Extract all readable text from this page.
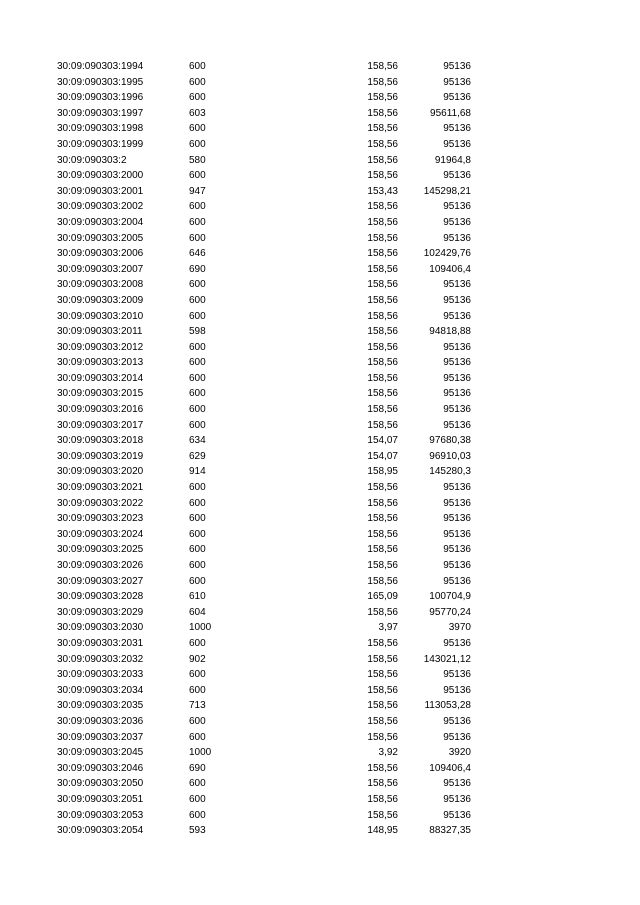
30:09:090303:1994	600	158,56	95136
30:09:090303:1995	600	158,56	95136
30:09:090303:1996	600	158,56	95136
30:09:090303:1997	603	158,56	95611,68
30:09:090303:1998	600	158,56	95136
30:09:090303:1999	600	158,56	95136
30:09:090303:2	580	158,56	91964,8
30:09:090303:2000	600	158,56	95136
30:09:090303:2001	947	153,43	145298,21
30:09:090303:2002	600	158,56	95136
30:09:090303:2004	600	158,56	95136
30:09:090303:2005	600	158,56	95136
30:09:090303:2006	646	158,56	102429,76
30:09:090303:2007	690	158,56	109406,4
30:09:090303:2008	600	158,56	95136
30:09:090303:2009	600	158,56	95136
30:09:090303:2010	600	158,56	95136
30:09:090303:2011	598	158,56	94818,88
30:09:090303:2012	600	158,56	95136
30:09:090303:2013	600	158,56	95136
30:09:090303:2014	600	158,56	95136
30:09:090303:2015	600	158,56	95136
30:09:090303:2016	600	158,56	95136
30:09:090303:2017	600	158,56	95136
30:09:090303:2018	634	154,07	97680,38
30:09:090303:2019	629	154,07	96910,03
30:09:090303:2020	914	158,95	145280,3
30:09:090303:2021	600	158,56	95136
30:09:090303:2022	600	158,56	95136
30:09:090303:2023	600	158,56	95136
30:09:090303:2024	600	158,56	95136
30:09:090303:2025	600	158,56	95136
30:09:090303:2026	600	158,56	95136
30:09:090303:2027	600	158,56	95136
30:09:090303:2028	610	165,09	100704,9
30:09:090303:2029	604	158,56	95770,24
30:09:090303:2030	1000	3,97	3970
30:09:090303:2031	600	158,56	95136
30:09:090303:2032	902	158,56	143021,12
30:09:090303:2033	600	158,56	95136
30:09:090303:2034	600	158,56	95136
30:09:090303:2035	713	158,56	113053,28
30:09:090303:2036	600	158,56	95136
30:09:090303:2037	600	158,56	95136
30:09:090303:2045	1000	3,92	3920
30:09:090303:2046	690	158,56	109406,4
30:09:090303:2050	600	158,56	95136
30:09:090303:2051	600	158,56	95136
30:09:090303:2053	600	158,56	95136
30:09:090303:2054	593	148,95	88327,35
